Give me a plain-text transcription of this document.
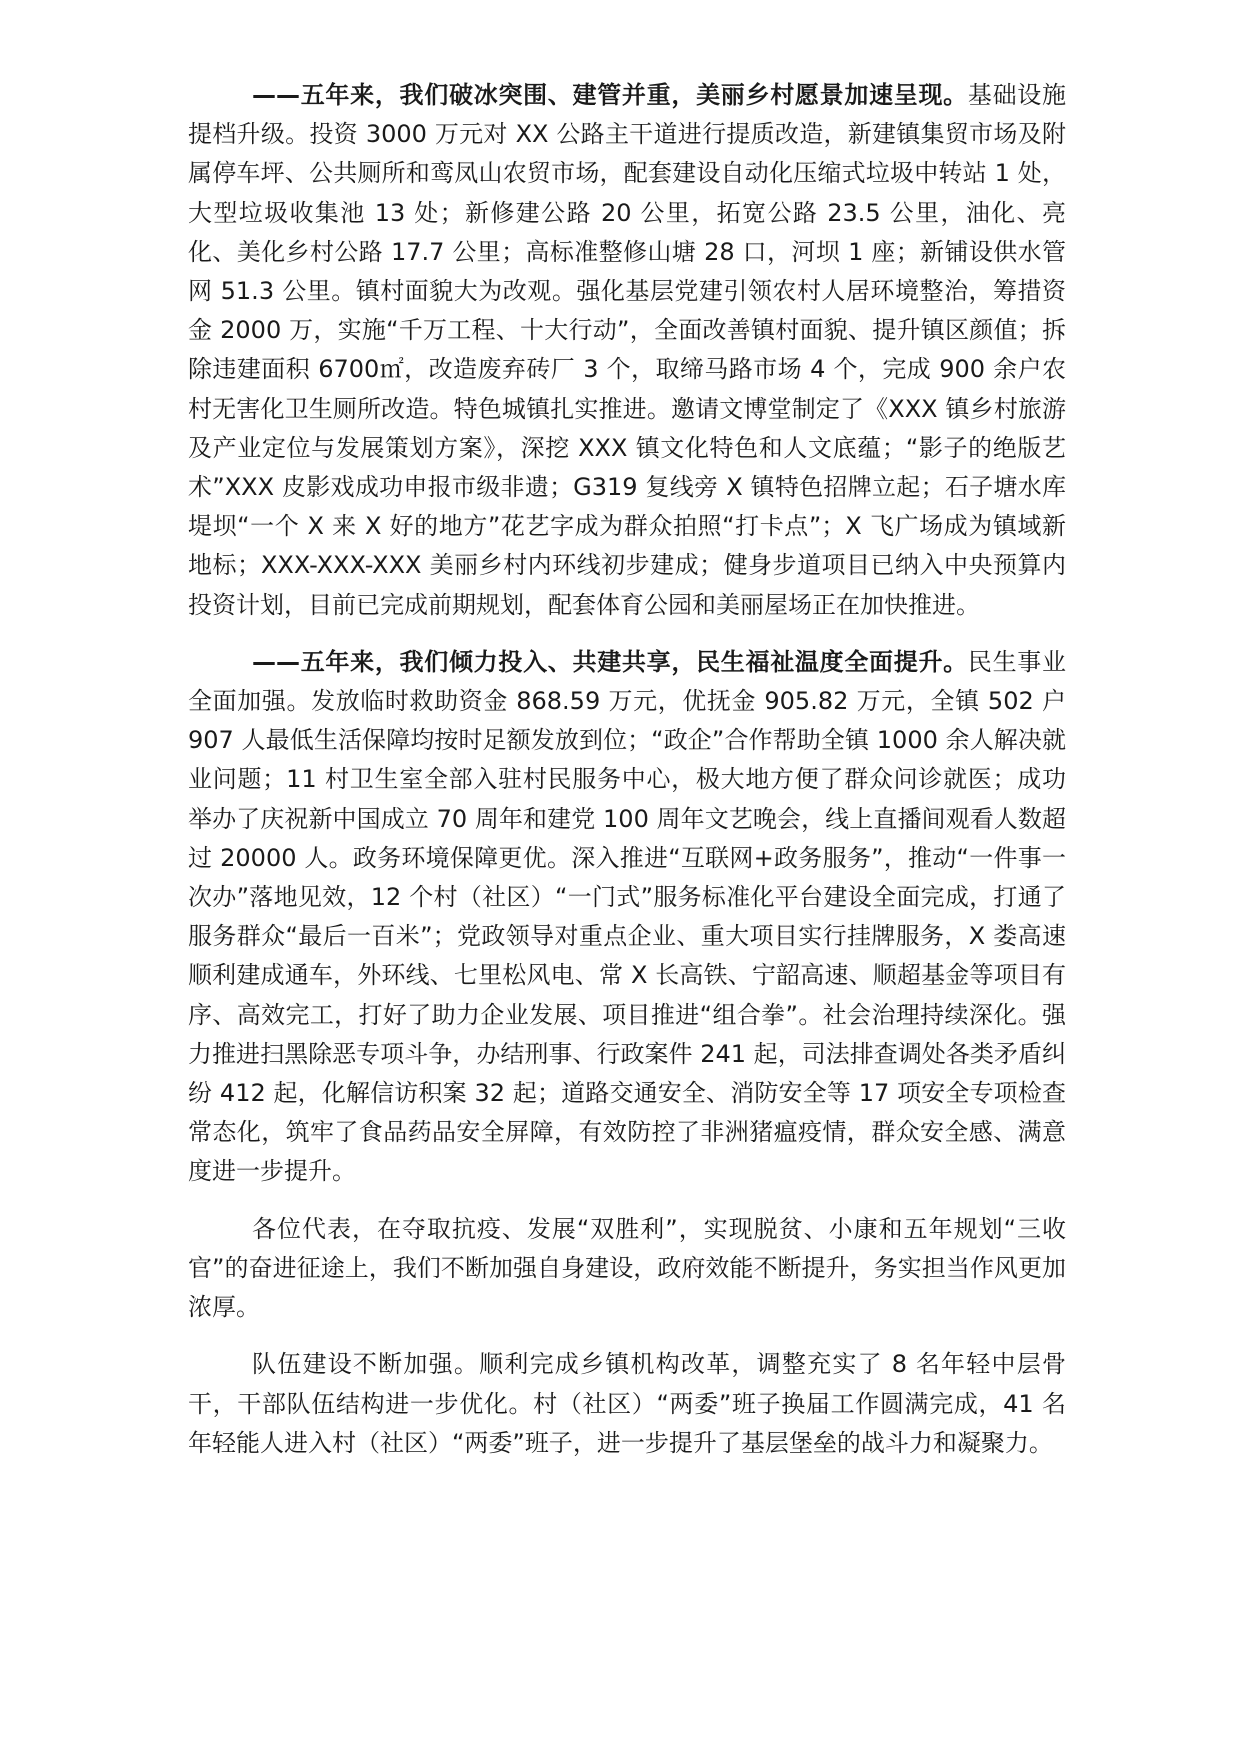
——五年来，我们破冰突围、建管并重，美丽乡村愿景加速呈现。基础设施提档升级。投资 3000 万元对 XX 公路主干道进行提质改造，新建镇集贸市场及附属停车坪、公共厕所和鸾凤山农贸市场，配套建设自动化压缩式垃圾中转站 1 处，大型垃圾收集池 13 处；新修建公路 20 公里，拓宽公路 23.5 公里，油化、亮化、美化乡村公路 17.7 公里；高标准整修山塘 28 口，河坝 1 座；新铺设供水管网 51.3 公里。镇村面貌大为改观。强化基层党建引领农村人居环境整治，筹措资金 2000 万，实施“千万工程、十大行动”，全面改善镇村面貌、提升镇区颜值；拆除违建面积 6700㎡，改造废弃砖厂 3 个，取缔马路市场 4 个，完成 900 余户农村无害化卫生厕所改造。特色城镇扎实推进。邀请文博堂制定了《XXX 镇乡村旅游及产业定位与发展策划方案》，深挖 XXX 镇文化特色和人文底蕴；“影子的绝版艺术”XXX 皮影戏成功申报市级非遗；G319 复线旁 X 镇特色招牌立起；石子塘水库堤坝“一个 X 来 X 好的地方”花艺字成为群众拍照“打卡点”；X 飞广场成为镇域新地标；XXX-XXX-XXX 美丽乡村内环线初步建成；健身步道项目已纳入中央预算内投资计划，目前已完成前期规划，配套体育公园和美丽屋场正在加快推进。

——五年来，我们倾力投入、共建共享，民生福祉温度全面提升。民生事业全面加强。发放临时救助资金 868.59 万元，优抚金 905.82 万元，全镇 502 户 907 人最低生活保障均按时足额发放到位；“政企”合作帮助全镇 1000 余人解决就业问题；11 村卫生室全部入驻村民服务中心，极大地方便了群众问诊就医；成功举办了庆祝新中国成立 70 周年和建党 100 周年文艺晚会，线上直播间观看人数超过 20000 人。政务环境保障更优。深入推进“互联网+政务服务”，推动“一件事一次办”落地见效，12 个村（社区）“一门式”服务标准化平台建设全面完成，打通了服务群众“最后一百米”；党政领导对重点企业、重大项目实行挂牌服务，X 娄高速顺利建成通车，外环线、七里松风电、常 X 长高铁、宁韶高速、顺超基金等项目有序、高效完工，打好了助力企业发展、项目推进“组合拳”。社会治理持续深化。强力推进扫黑除恶专项斗争，办结刑事、行政案件 241 起，司法排查调处各类矛盾纠纷 412 起，化解信访积案 32 起；道路交通安全、消防安全等 17 项安全专项检查常态化，筑牢了食品药品安全屏障，有效防控了非洲猪瘟疫情，群众安全感、满意度进一步提升。

各位代表，在夺取抗疫、发展“双胜利”，实现脱贫、小康和五年规划“三收官”的奋进征途上，我们不断加强自身建设，政府效能不断提升，务实担当作风更加浓厚。

队伍建设不断加强。顺利完成乡镇机构改革，调整充实了 8 名年轻中层骨干，干部队伍结构进一步优化。村（社区）“两委”班子换届工作圆满完成，41 名年轻能人进入村（社区）“两委”班子，进一步提升了基层堡垒的战斗力和凝聚力。
